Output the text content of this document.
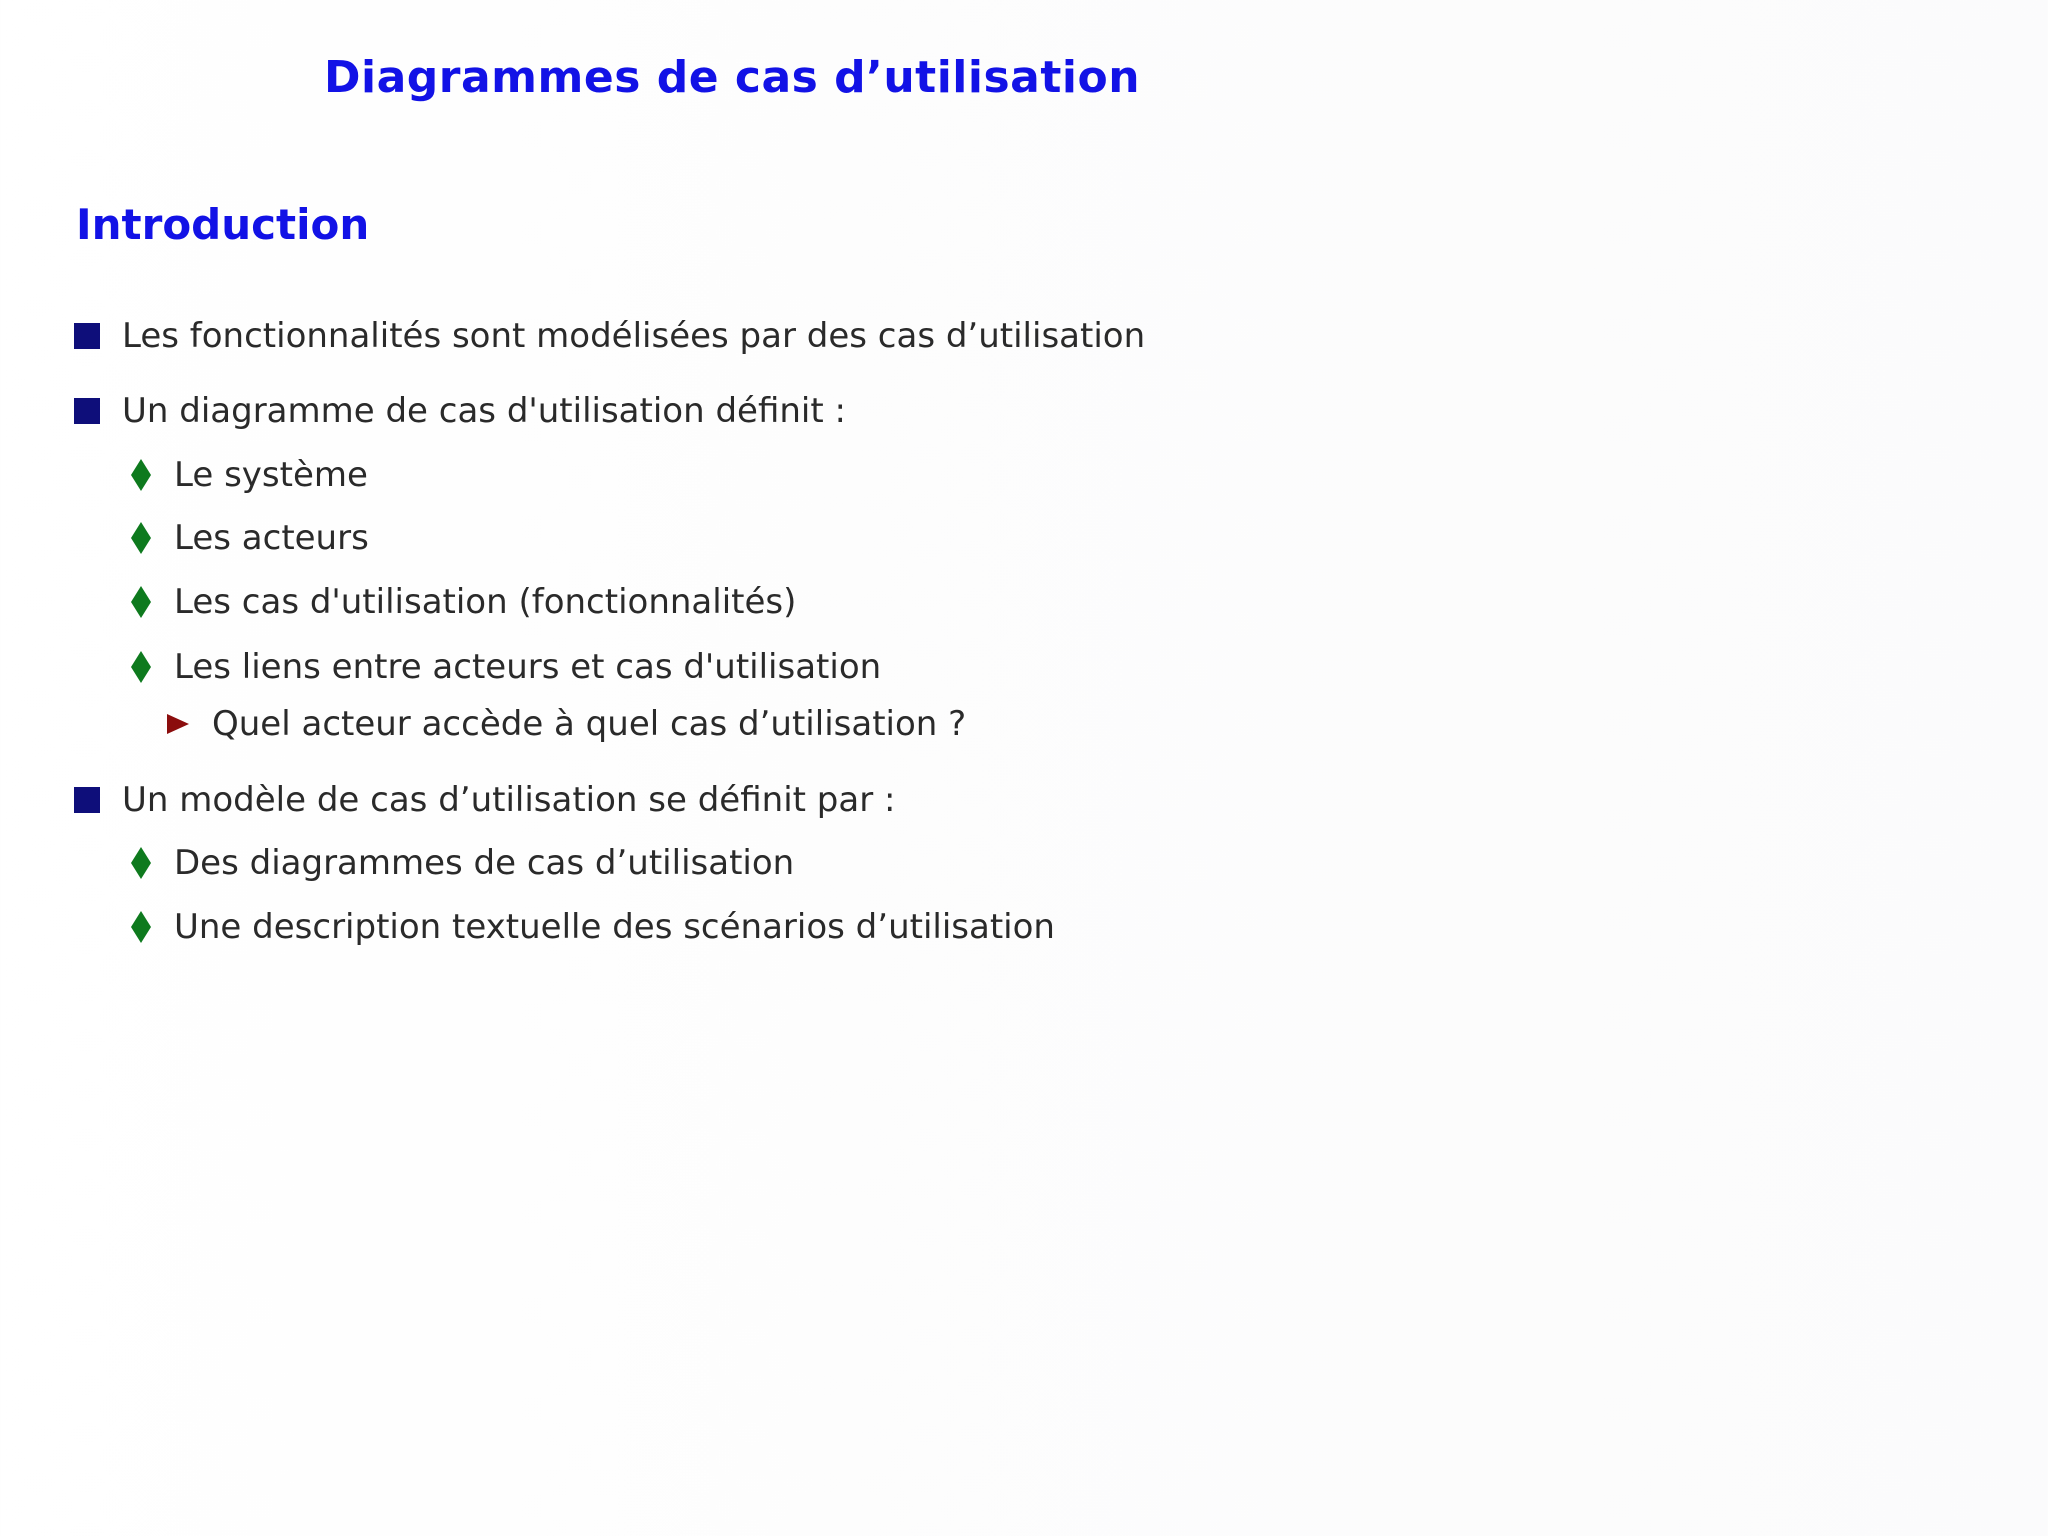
Diagrammes de cas d’utilisation
Introduction
Les fonctionnalités sont modélisées par des cas d’utilisation
Un diagramme de cas d'utilisation définit :
Le système
Les acteurs
Les cas d'utilisation (fonctionnalités)
Les liens entre acteurs et cas d'utilisation
Quel acteur accède à quel cas d’utilisation ?
Un modèle de cas d’utilisation se définit par :
Des diagrammes de cas d’utilisation
Une description textuelle des scénarios d’utilisation
